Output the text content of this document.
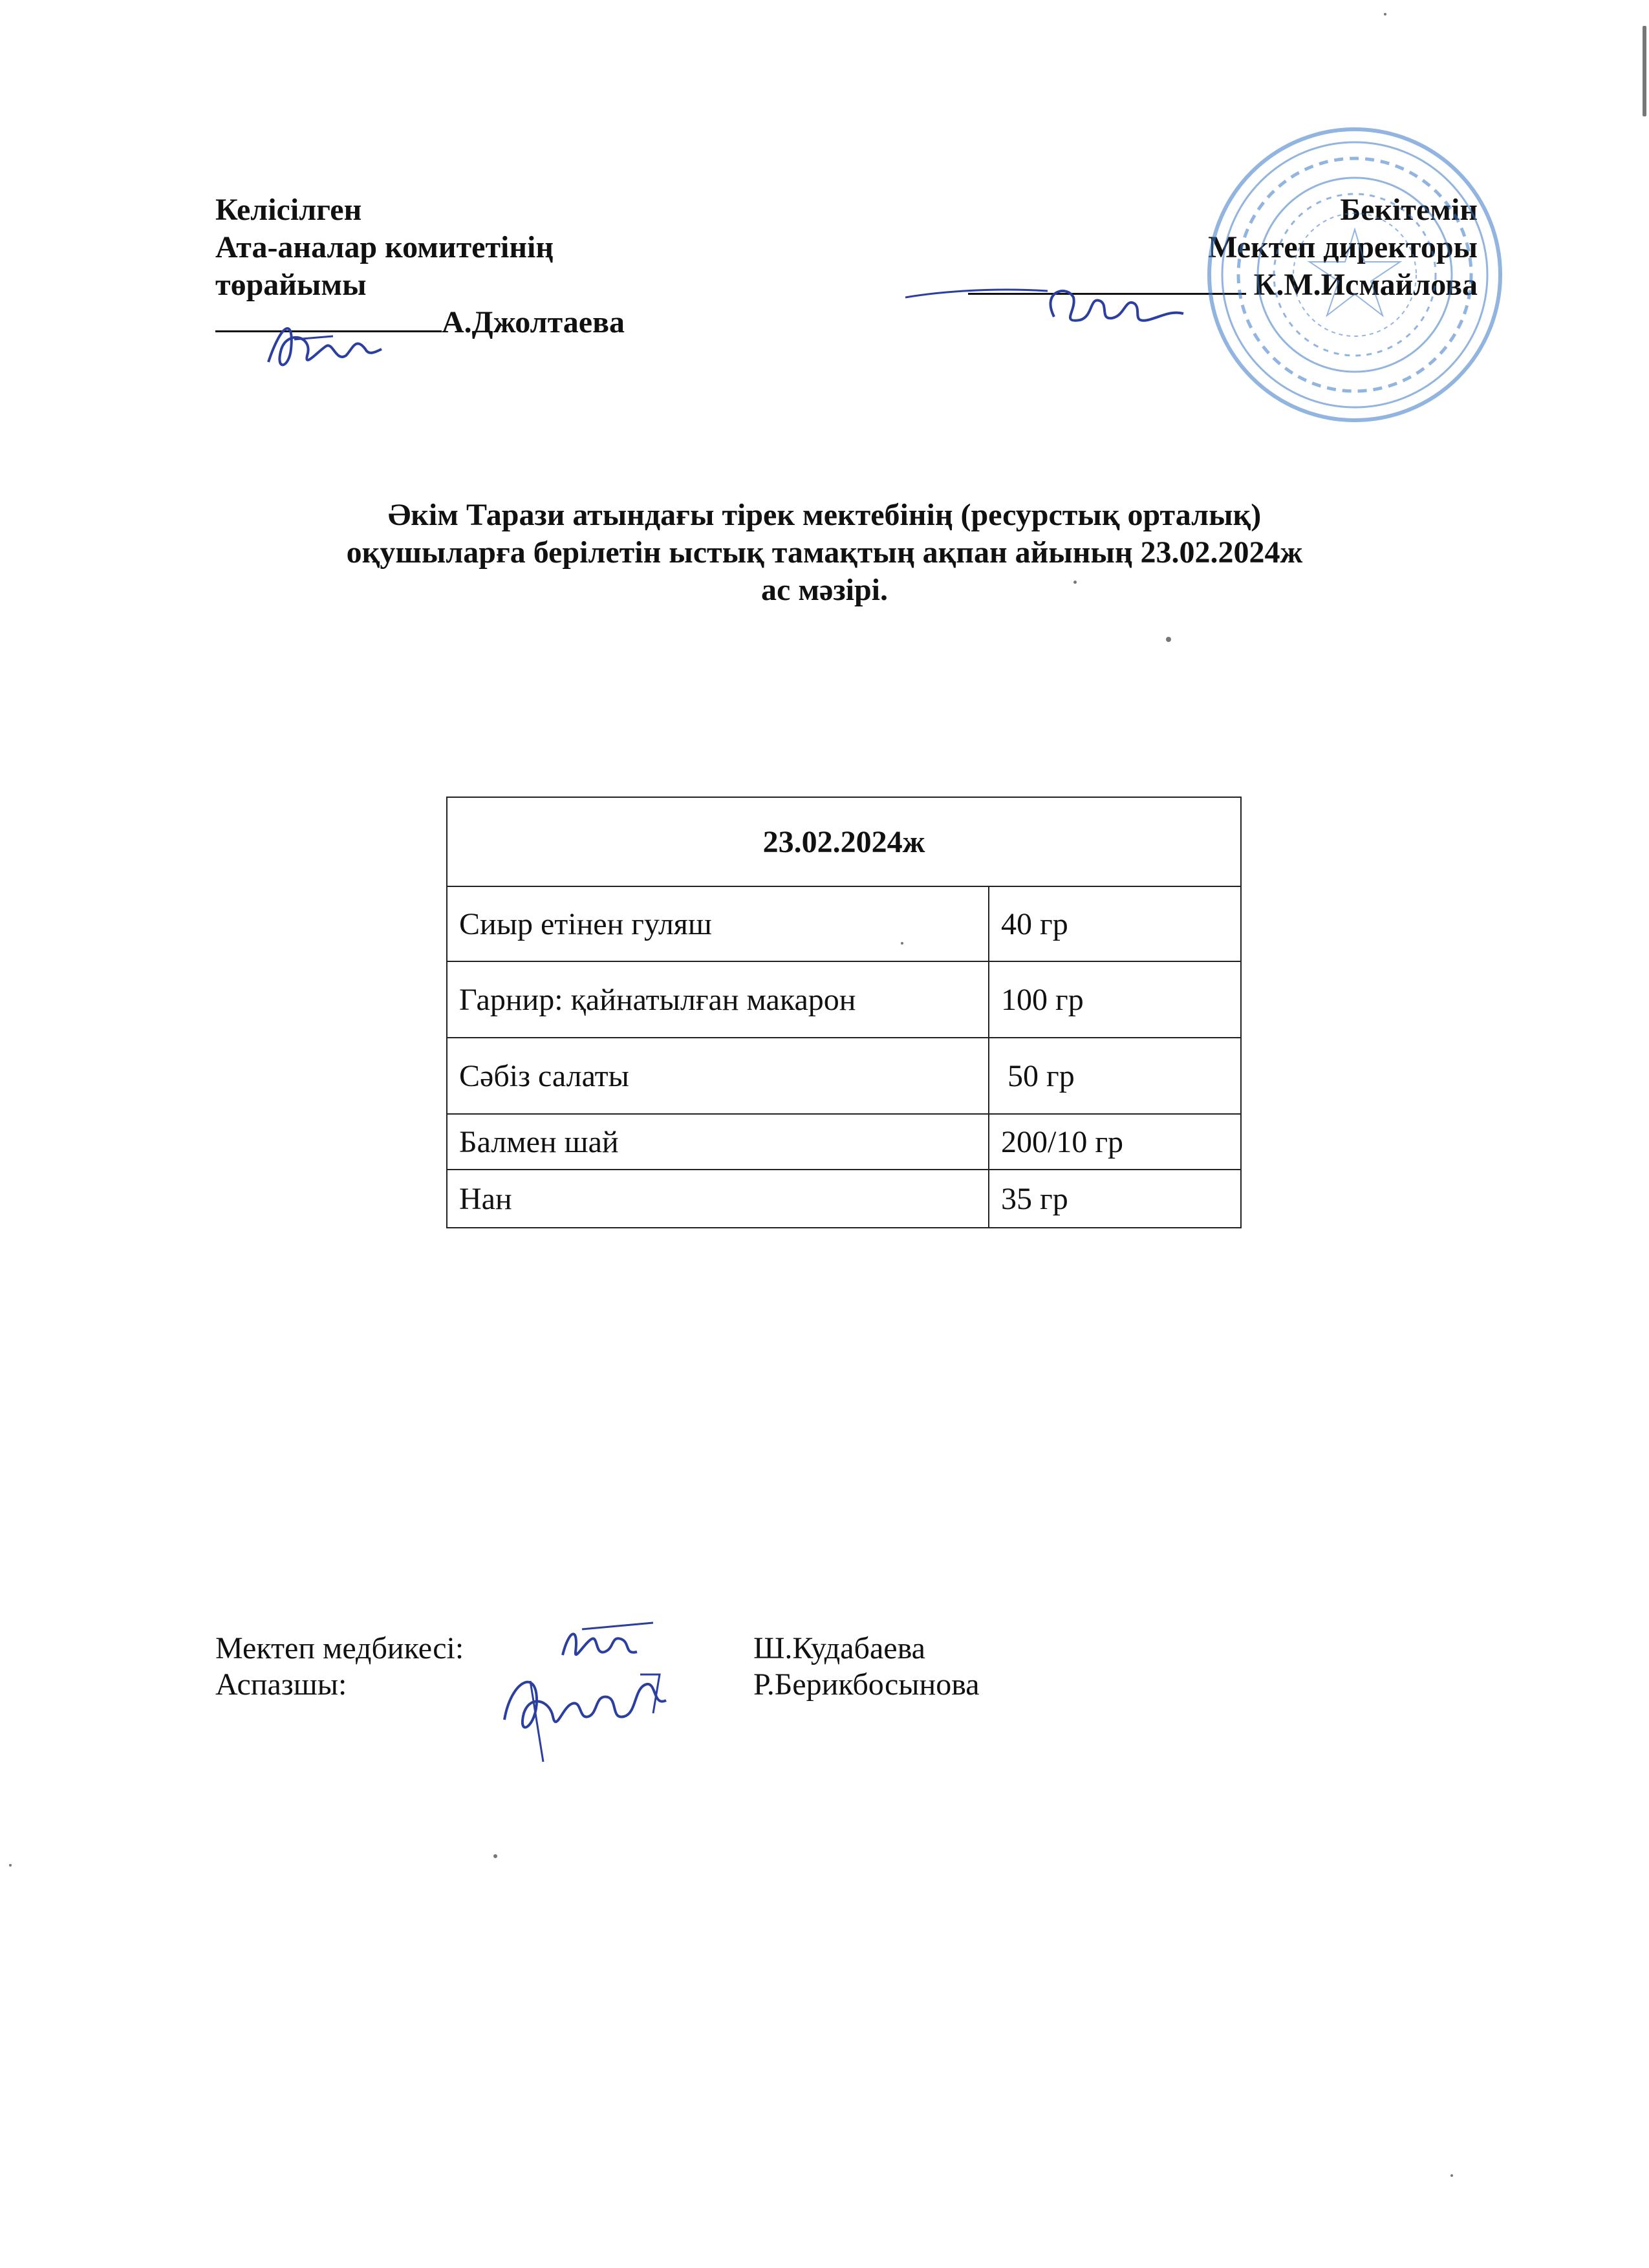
Келісілген
Ата-аналар комитетінің
төрайымы
А.Джолтаева
Бекітемін
Мектеп директоры
К.М.Исмайлова
Әкім Тарази атындағы тірек мектебінің (ресурстық орталық)
оқушыларға берілетін ыстық тамақтың ақпан айының 23.02.2024ж
ас мәзірі.
23.02.2024ж	
Сиыр етінен гуляш	40 гр
Гарнир: қайнатылған макарон	100 гр
Сәбіз салаты	50 гр
Балмен шай	200/10 гр
Нан	35 гр
Мектеп медбикесі:
Аспазшы:
Ш.Кудабаева
Р.Берикбосынова
